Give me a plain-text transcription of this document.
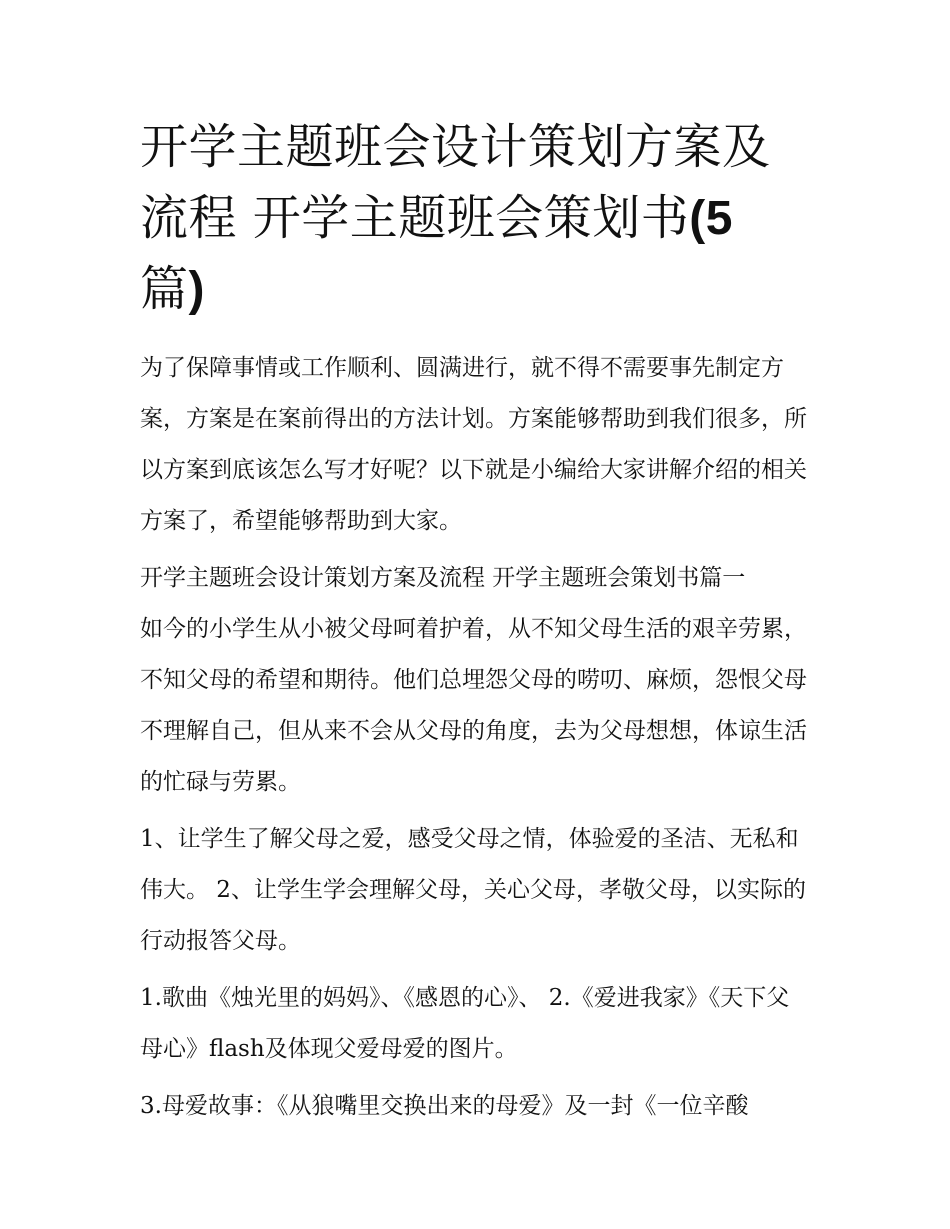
开学主题班会设计策划方案及
流程 开学主题班会策划书(5
篇)

为了保障事情或工作顺利、圆满进行，就不得不需要事先制定方案，方案是在案前得出的方法计划。方案能够帮助到我们很多，所以方案到底该怎么写才好呢？以下就是小编给大家讲解介绍的相关方案了，希望能够帮助到大家。

开学主题班会设计策划方案及流程 开学主题班会策划书篇一

如今的小学生从小被父母呵着护着，从不知父母生活的艰辛劳累，不知父母的希望和期待。他们总埋怨父母的唠叨、麻烦，怨恨父母不理解自己，但从来不会从父母的角度，去为父母想想，体谅生活的忙碌与劳累。

1、让学生了解父母之爱，感受父母之情，体验爱的圣洁、无私和伟大。 2、让学生学会理解父母，关心父母，孝敬父母，以实际的行动报答父母。

1.歌曲《烛光里的妈妈》、《感恩的心》、 2.《爱进我家》《天下父母心》flash及体现父爱母爱的图片。

3.母爱故事：《从狼嘴里交换出来的母爱》及一封《一位辛酸
